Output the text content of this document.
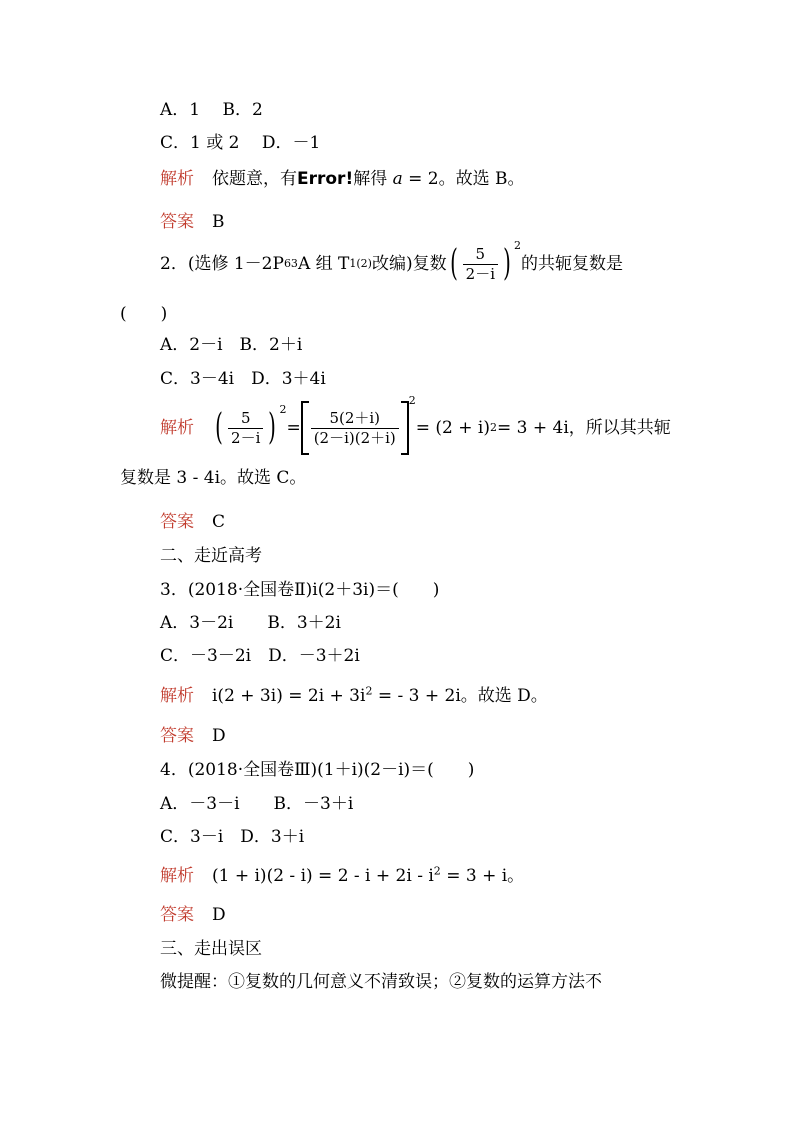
A．1　 B．2
C．1 或 2　 D．－1
解析 依题意，有Error!解得 a = 2。故选 B。
答案 B
2．(选修 1－2P 63 A 组 T 1(2) 改编)复数 ( $\frac{5}{2-i}$ ) 2
的共轭复数是
(　　)
A．2－i　B．2＋i
C．3－4i　D．3＋4i
解析 ( $\frac{5}{2-i}$ ) 2
= $\frac{5(2+i)}{(2-i)(2+i)}$
2
= (2 + i) 2 = 3 + 4i，所以其共轭
复数是 3 - 4i。故选 C。
答案 C
二、走近高考
3．(2018·全国卷Ⅱ)i(2＋3i)＝(　　)
A．3－2i　　B．3＋2i
C．－3－2i　D．－3＋2i
解析 $i(2 + 3i) = 2i + 3i^2$ = - 3 + 2i。故选 D。
答案 D
4．(2018·全国卷Ⅲ)(1＋i)(2－i)＝(　　)
A．－3－i　　B．－3＋i
C．3－i　D．3＋i
解析 $(1 + i)(2 - i) = 2 - i + 2i - i^2 = 3 + i$。
答案 D
三、走出误区
微提醒：①复数的几何意义不清致误；②复数的运算方法不
